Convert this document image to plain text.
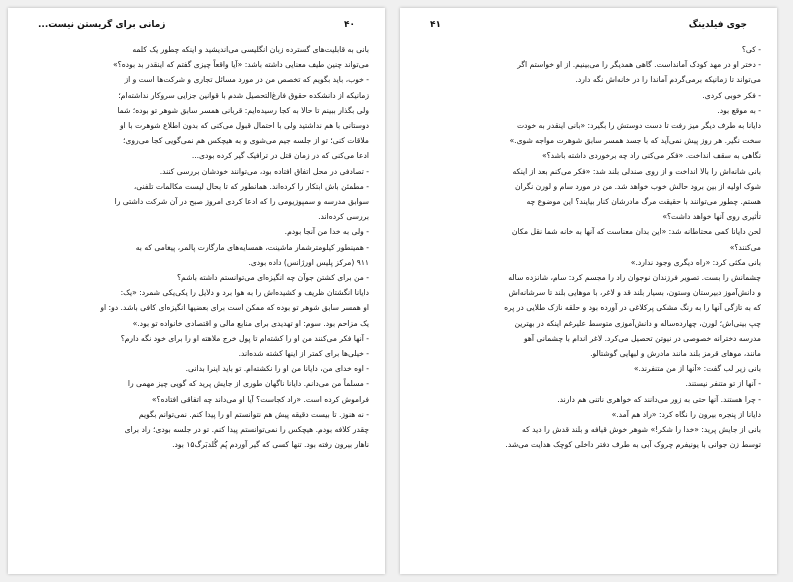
۴۰
زمانی برای گریستن نیست...

بانی به قابلیت‌های گسترده زبان انگلیسی می‌اندیشید و اینکه چطور یک کلمه

می‌تواند چنین طیف معنایی داشته باشد: «آیا واقعاً چیزی گفتم که اینقدر بد بوده؟»

- خوب، باید بگویم که تخصص من در مورد مسائل تجاری و شرکت‌ها است و از

زمانیکه از دانشکده حقوق فارغ‌التحصیل شدم با قوانین جزایی سروکار نداشته‌ام؛

ولی بگذار ببینم تا حالا به کجا رسیده‌ایم: قربانی همسر سابق شوهر تو بوده؛ شما

دوستانی با هم نداشتید ولی با احتمال قبول می‌کنی که بدون اطلاع شوهرت با او

ملاقات کنی؛ تو از جلسه جیم می‌شوی و به هیچکس هم نمی‌گویی کجا می‌روی؛

ادعا می‌کنی که در زمان قتل در ترافیک گیر کرده بودی...

- تصادفی در محل اتفاق افتاده بود، می‌توانند خودشان بررسی کنند.

- مطمئن باش ابتکار را کرده‌اند. همانطور که تا بحال لیست مکالمات تلفنی،

سوابق مدرسه و سمپوزیومی را که ادعا کردی امروز صبح در آن شرکت داشتی را

بررسی کرده‌اند.

- ولی به خدا من آنجا بودم.

- همینطور کیلومترشمار ماشینت، همسایه‌های مارگارت پالمر، پیغامی که به

۹۱۱ (مرکز پلیس اورژانس) داده بودی.

- من برای کشتن جوآن چه انگیزه‌ای می‌توانستم داشته باشم؟

دایانا انگشتان ظریف و کشیده‌اش را به هوا برد و دلایل را یکی‌یکی شمرد: «یک:

او همسر سابق شوهر تو بوده که ممکن است برای بعضیها انگیزه‌ای کافی باشد. دو: او

یک مزاحم بود. سوم: او تهدیدی برای منابع مالی و اقتصادی خانواده تو بود.»

- آنها فکر می‌کنند من او را کشته‌ام تا پول خرج ملاهته او را برای خود نگه دارم؟

- خیلی‌ها برای کمتر از اینها کشته شده‌اند.

- اوه خدای من، دایانا من او را نکشته‌ام. تو باید اینرا بدانی.

- مسلماً من می‌دانم. دایانا ناگهان طوری از جایش پرید که گویی چیز مهمی را

فراموش کرده است. «راد کجاست؟ آیا او می‌داند چه اتفاقی افتاده؟»

- نه هنوز. تا بیست دقیقه پیش هم نتوانستم او را پیدا کنم. نمی‌توانم بگویم

چقدر کلافه بودم. هیچکس را نمی‌توانستم پیدا کنم. تو در جلسه بودی؛ راد برای

ناهار بیرون رفته بود. تنها کسی که گیر آوردم پُم گُلدبَرگ۱۵ بود.

جوی فیلدینگ
۴۱

- کی؟

- دختر او در مهد کودک آمانداست. گاهی همدیگر را می‌بینیم. از او خواستم اگر

می‌تواند تا زمانیکه برمی‌گردم آماندا را در خانه‌اش نگه دارد.

- فکر خوبی کردی.

- به موقع بود.

دایانا به طرف دیگر میز رفت تا دست دوستش را بگیرد: «بانی اینقدر به خودت

سخت نگیر. هر روز پیش نمی‌آید که با جسد همسر سابق شوهرت مواجه شوی.»

نگاهی به سقف انداخت. «فکر می‌کنی راد چه برخوردی داشته باشد؟»

بانی شانه‌اش را بالا انداخت و از روی صندلی بلند شد: «فکر می‌کنم بعد از اینکه

شوک اولیه از بین برود حالش خوب خواهد شد. من در مورد سام و لورن نگران

هستم. چطور می‌توانند با حقیقت مرگ مادرشان کنار بیایند؟ این موضوع چه

تأثیری روی آنها خواهد داشت؟»

لحن دایانا کمی محتاطانه شد: «این بدان معناست که آنها به خانه شما نقل مکان

می‌کنند؟»

بانی مکثی کرد: «راه دیگری وجود ندارد.»

چشمانش را بست. تصویر فرزندان نوجوان راد را مجسم کرد: سام، شانزده ساله

و دانش‌آموز دبیرستان وستون، بسیار بلند قد و لاغر، با موهایی بلند تا سرشانه‌اش

که به تازگی آنها را به رنگ مشکی پرکلاغی در آورده بود و حلقه نازک طلایی در پره

چپ بینی‌اش؛ لورن، چهارده‌ساله و دانش‌آموزی متوسط علیرغم اینکه در بهترین

مدرسه دخترانه خصوصی در نیوتن تحصیل می‌کرد. لاغر اندام با چشمانی آهو

مانند، موهای قرمز بلند مانند مادرش و لبهایی گوشتالو.

بانی زیر لب گفت: «آنها از من متنفرند.»

- آنها از تو متنفر نیستند.

- چرا هستند. آنها حتی به زور می‌دانند که خواهری ناتنی هم دارند.

دایانا از پنجره بیرون را نگاه کرد: «راد هم آمد.»

بانی از جایش پرید: «خدا را شکر!» شوهر خوش قیافه و بلند قدش را دید که

توسط زن جوانی با یونیفرم چروک آبی به طرف دفتر داخلی کوچک هدایت می‌شد.
